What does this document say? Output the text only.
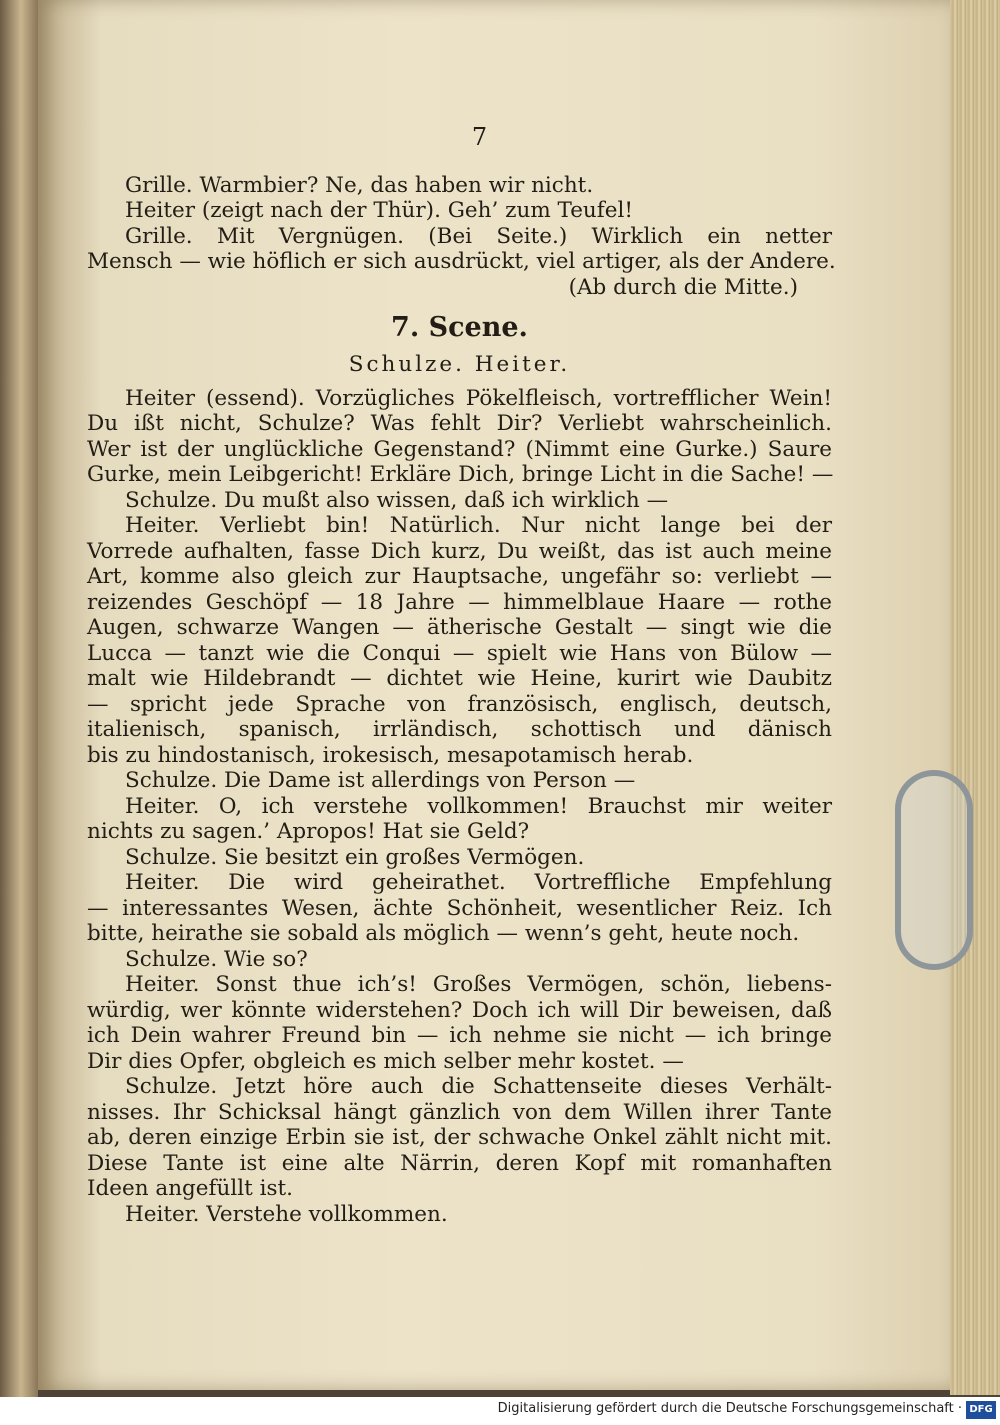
7
Grille. Warmbier? Ne, das haben wir nicht.
Heiter (zeigt nach der Thür). Geh’ zum Teufel!
Grille. Mit Vergnügen. (Bei Seite.) Wirklich ein netter
Mensch — wie höflich er sich ausdrückt, viel artiger, als der Andere.
(Ab durch die Mitte.)
7. Scene.
Schulze. Heiter.
Heiter (essend). Vorzügliches Pökelfleisch, vortrefflicher Wein!
Du ißt nicht, Schulze? Was fehlt Dir? Verliebt wahrscheinlich.
Wer ist der unglückliche Gegenstand? (Nimmt eine Gurke.) Saure
Gurke, mein Leibgericht! Erkläre Dich, bringe Licht in die Sache! —
Schulze. Du mußt also wissen, daß ich wirklich —
Heiter. Verliebt bin! Natürlich. Nur nicht lange bei der
Vorrede aufhalten, fasse Dich kurz, Du weißt, das ist auch meine
Art, komme also gleich zur Hauptsache, ungefähr so: verliebt —
reizendes Geschöpf — 18 Jahre — himmelblaue Haare — rothe
Augen, schwarze Wangen — ätherische Gestalt — singt wie die
Lucca — tanzt wie die Conqui — spielt wie Hans von Bülow —
malt wie Hildebrandt — dichtet wie Heine, kurirt wie Daubitz
— spricht jede Sprache von französisch, englisch, deutsch,
italienisch, spanisch, irrländisch, schottisch und dänisch
bis zu hindostanisch, irokesisch, mesapotamisch herab.
Schulze. Die Dame ist allerdings von Person —
Heiter. O, ich verstehe vollkommen! Brauchst mir weiter
nichts zu sagen.’ Apropos! Hat sie Geld?
Schulze. Sie besitzt ein großes Vermögen.
Heiter. Die wird geheirathet. Vortreffliche Empfehlung
— interessantes Wesen, ächte Schönheit, wesentlicher Reiz. Ich
bitte, heirathe sie sobald als möglich — wenn’s geht, heute noch.
Schulze. Wie so?
Heiter. Sonst thue ich’s! Großes Vermögen, schön, liebens-
würdig, wer könnte widerstehen? Doch ich will Dir beweisen, daß
ich Dein wahrer Freund bin — ich nehme sie nicht — ich bringe
Dir dies Opfer, obgleich es mich selber mehr kostet. —
Schulze. Jetzt höre auch die Schattenseite dieses Verhält-
nisses. Ihr Schicksal hängt gänzlich von dem Willen ihrer Tante
ab, deren einzige Erbin sie ist, der schwache Onkel zählt nicht mit.
Diese Tante ist eine alte Närrin, deren Kopf mit romanhaften
Ideen angefüllt ist.
Heiter. Verstehe vollkommen.
Digitalisierung gefördert durch die Deutsche Forschungsgemeinschaft · DFG
